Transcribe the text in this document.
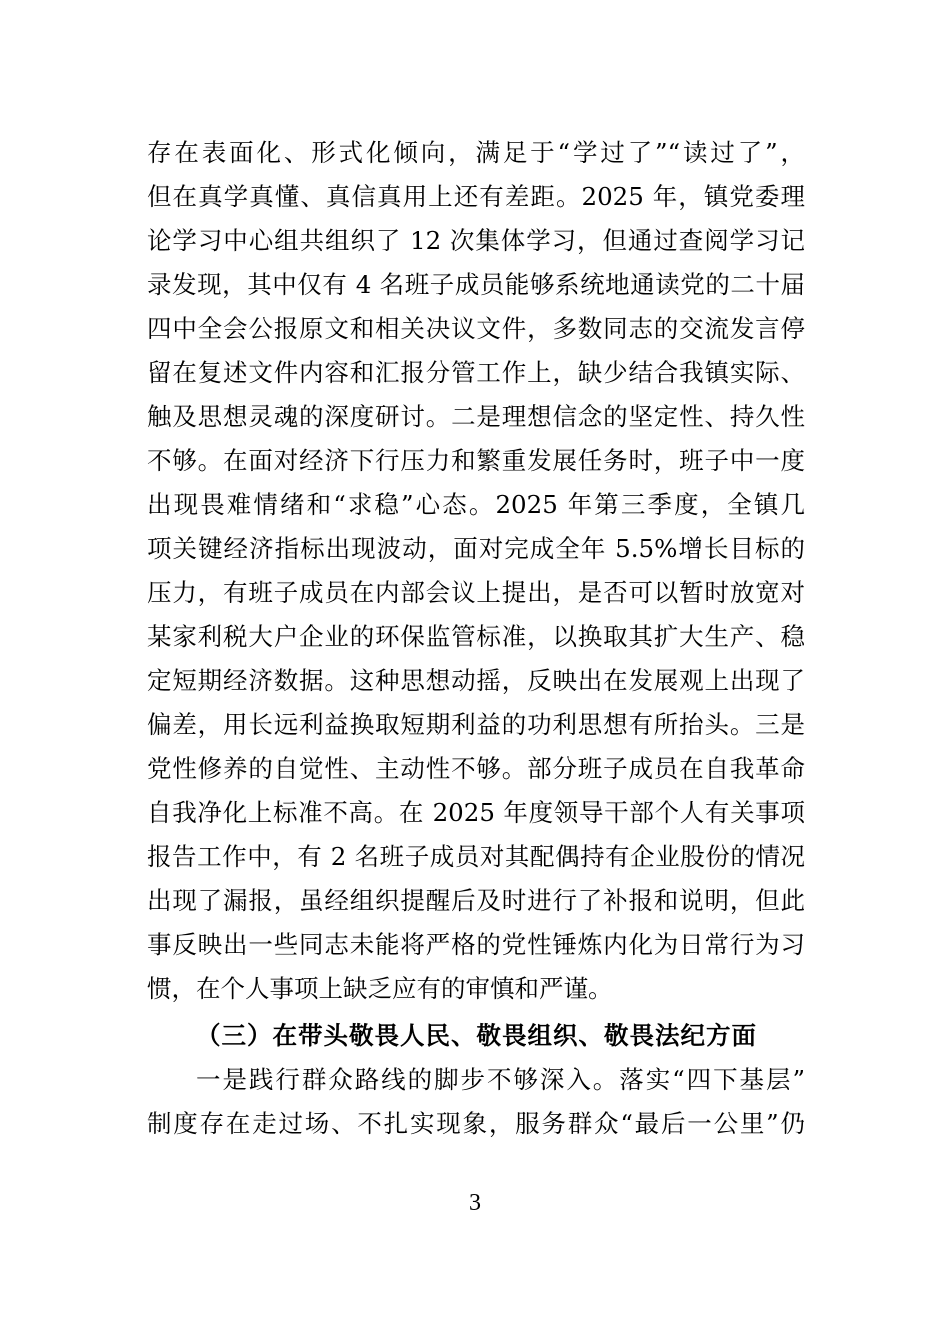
存在表面化、形式化倾向，满足于“学过了”“读过了”，
但在真学真懂、真信真用上还有差距。2025 年，镇党委理
论学习中心组共组织了 12 次集体学习，但通过查阅学习记
录发现，其中仅有 4 名班子成员能够系统地通读党的二十届
四中全会公报原文和相关决议文件，多数同志的交流发言停
留在复述文件内容和汇报分管工作上，缺少结合我镇实际、
触及思想灵魂的深度研讨。二是理想信念的坚定性、持久性
不够。在面对经济下行压力和繁重发展任务时，班子中一度
出现畏难情绪和“求稳”心态。2025 年第三季度，全镇几
项关键经济指标出现波动，面对完成全年 5.5%增长目标的
压力，有班子成员在内部会议上提出，是否可以暂时放宽对
某家利税大户企业的环保监管标准，以换取其扩大生产、稳
定短期经济数据。这种思想动摇，反映出在发展观上出现了
偏差，用长远利益换取短期利益的功利思想有所抬头。三是
党性修养的自觉性、主动性不够。部分班子成员在自我革命
自我净化上标准不高。在 2025 年度领导干部个人有关事项
报告工作中，有 2 名班子成员对其配偶持有企业股份的情况
出现了漏报，虽经组织提醒后及时进行了补报和说明，但此
事反映出一些同志未能将严格的党性锤炼内化为日常行为习
惯，在个人事项上缺乏应有的审慎和严谨。
（三）在带头敬畏人民、敬畏组织、敬畏法纪方面
一是践行群众路线的脚步不够深入。落实“四下基层”
制度存在走过场、不扎实现象，服务群众“最后一公里”仍
3
